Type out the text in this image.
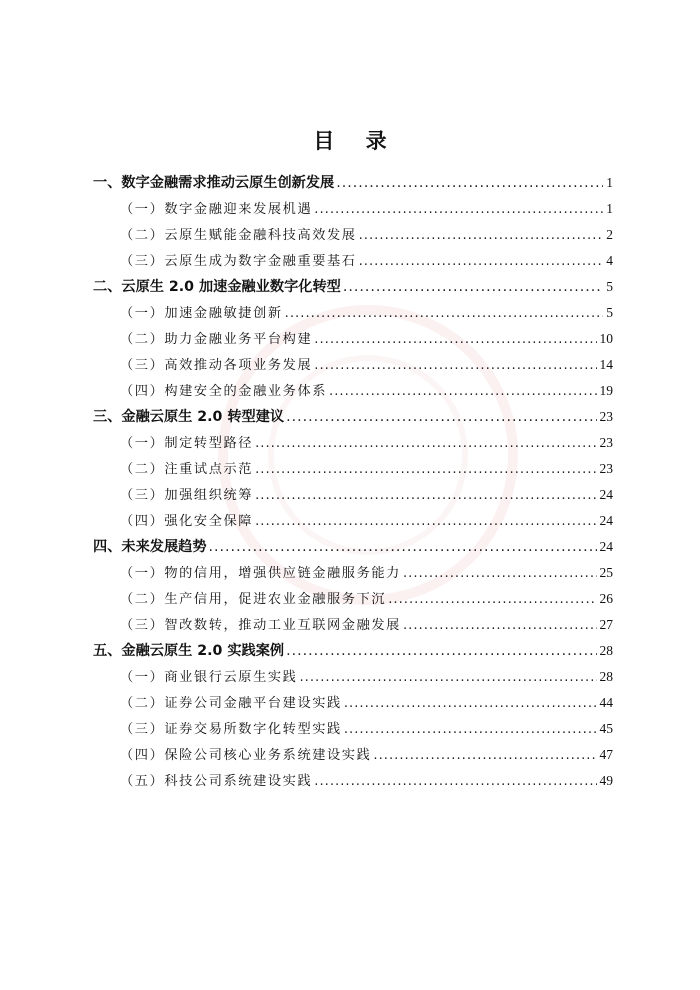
目 录
一、数字金融需求推动云原生创新发展 .....	1
（一）数字金融迎来发展机遇 .....	1
（二）云原生赋能金融科技高效发展 .....	2
（三）云原生成为数字金融重要基石 .....	4
二、云原生 2.0 加速金融业数字化转型 .....	5
（一）加速金融敏捷创新 .....	5
（二）助力金融业务平台构建 .....	10
（三）高效推动各项业务发展 .....	14
（四）构建安全的金融业务体系 .....	19
三、金融云原生 2.0 转型建议 .....	23
（一）制定转型路径 .....	23
（二）注重试点示范 .....	23
（三）加强组织统筹 .....	24
（四）强化安全保障 .....	24
四、未来发展趋势 .....	24
（一）物的信用，增强供应链金融服务能力 .....	25
（二）生产信用，促进农业金融服务下沉 .....	26
（三）智改数转，推动工业互联网金融发展 .....	27
五、金融云原生 2.0 实践案例 .....	28
（一）商业银行云原生实践 .....	28
（二）证券公司金融平台建设实践 .....	44
（三）证券交易所数字化转型实践 .....	45
（四）保险公司核心业务系统建设实践 .....	47
（五）科技公司系统建设实践 .....	49
